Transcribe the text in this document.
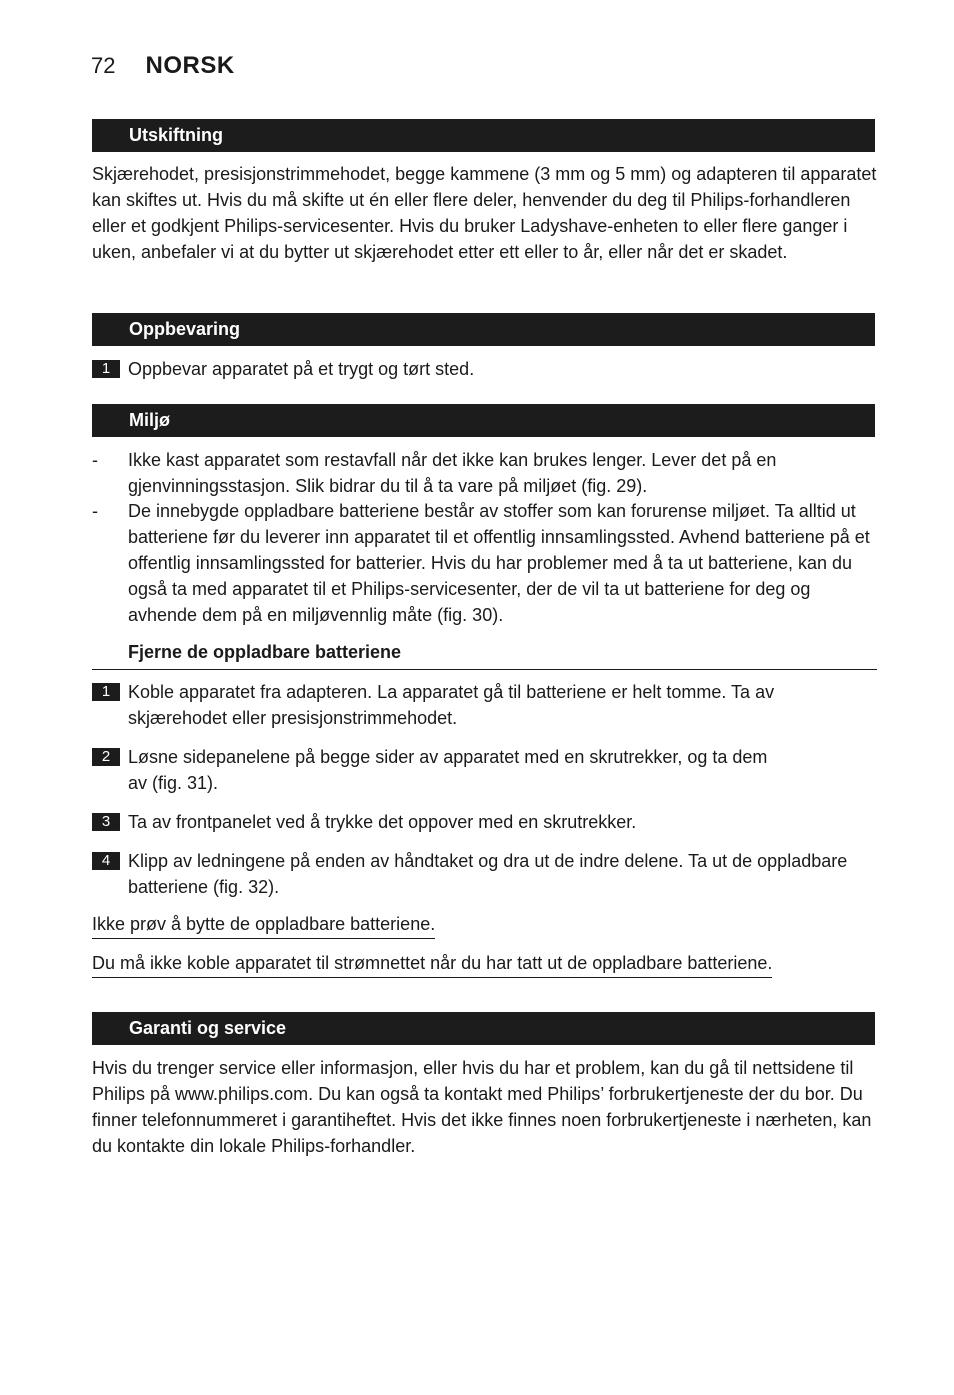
72 NORSK
Utskiftning

Skjærehodet, presisjonstrimmehodet, begge kammene (3 mm og 5 mm) og adapteren til apparatet kan skiftes ut. Hvis du må skifte ut én eller flere deler, henvender du deg til Philips-forhandleren eller et godkjent Philips-servicesenter. Hvis du bruker Ladyshave-enheten to eller flere ganger i uken, anbefaler vi at du bytter ut skjærehodet etter ett eller to år, eller når det er skadet.

Oppbevaring
1 Oppbevar apparatet på et trygt og tørt sted.
Miljø
-	Ikke kast apparatet som restavfall når det ikke kan brukes lenger. Lever det på en gjenvinningsstasjon. Slik bidrar du til å ta vare på miljøet (fig. 29).
-	De innebygde oppladbare batteriene består av stoffer som kan forurense miljøet. Ta alltid ut batteriene før du leverer inn apparatet til et offentlig innsamlingssted. Avhend batteriene på et offentlig innsamlingssted for batterier. Hvis du har problemer med å ta ut batteriene, kan du også ta med apparatet til et Philips-servicesenter, der de vil ta ut batteriene for deg og avhende dem på en miljøvennlig måte (fig. 30).
Fjerne de oppladbare batteriene
1 Koble apparatet fra adapteren. La apparatet gå til batteriene er helt tomme. Ta av skjærehodet eller presisjonstrimmehodet.
2 Løsne sidepanelene på begge sider av apparatet med en skrutrekker, og ta dem av (fig. 31).
3 Ta av frontpanelet ved å trykke det oppover med en skrutrekker.
4 Klipp av ledningene på enden av håndtaket og dra ut de indre delene. Ta ut de oppladbare batteriene (fig. 32).
Ikke prøv å bytte de oppladbare batteriene.
Du må ikke koble apparatet til strømnettet når du har tatt ut de oppladbare batteriene.
Garanti og service

Hvis du trenger service eller informasjon, eller hvis du har et problem, kan du gå til nettsidene til Philips på www.philips.com. Du kan også ta kontakt med Philips’ forbrukertjeneste der du bor. Du finner telefonnummeret i garantiheftet. Hvis det ikke finnes noen forbrukertjeneste i nærheten, kan du kontakte din lokale Philips-forhandler.
